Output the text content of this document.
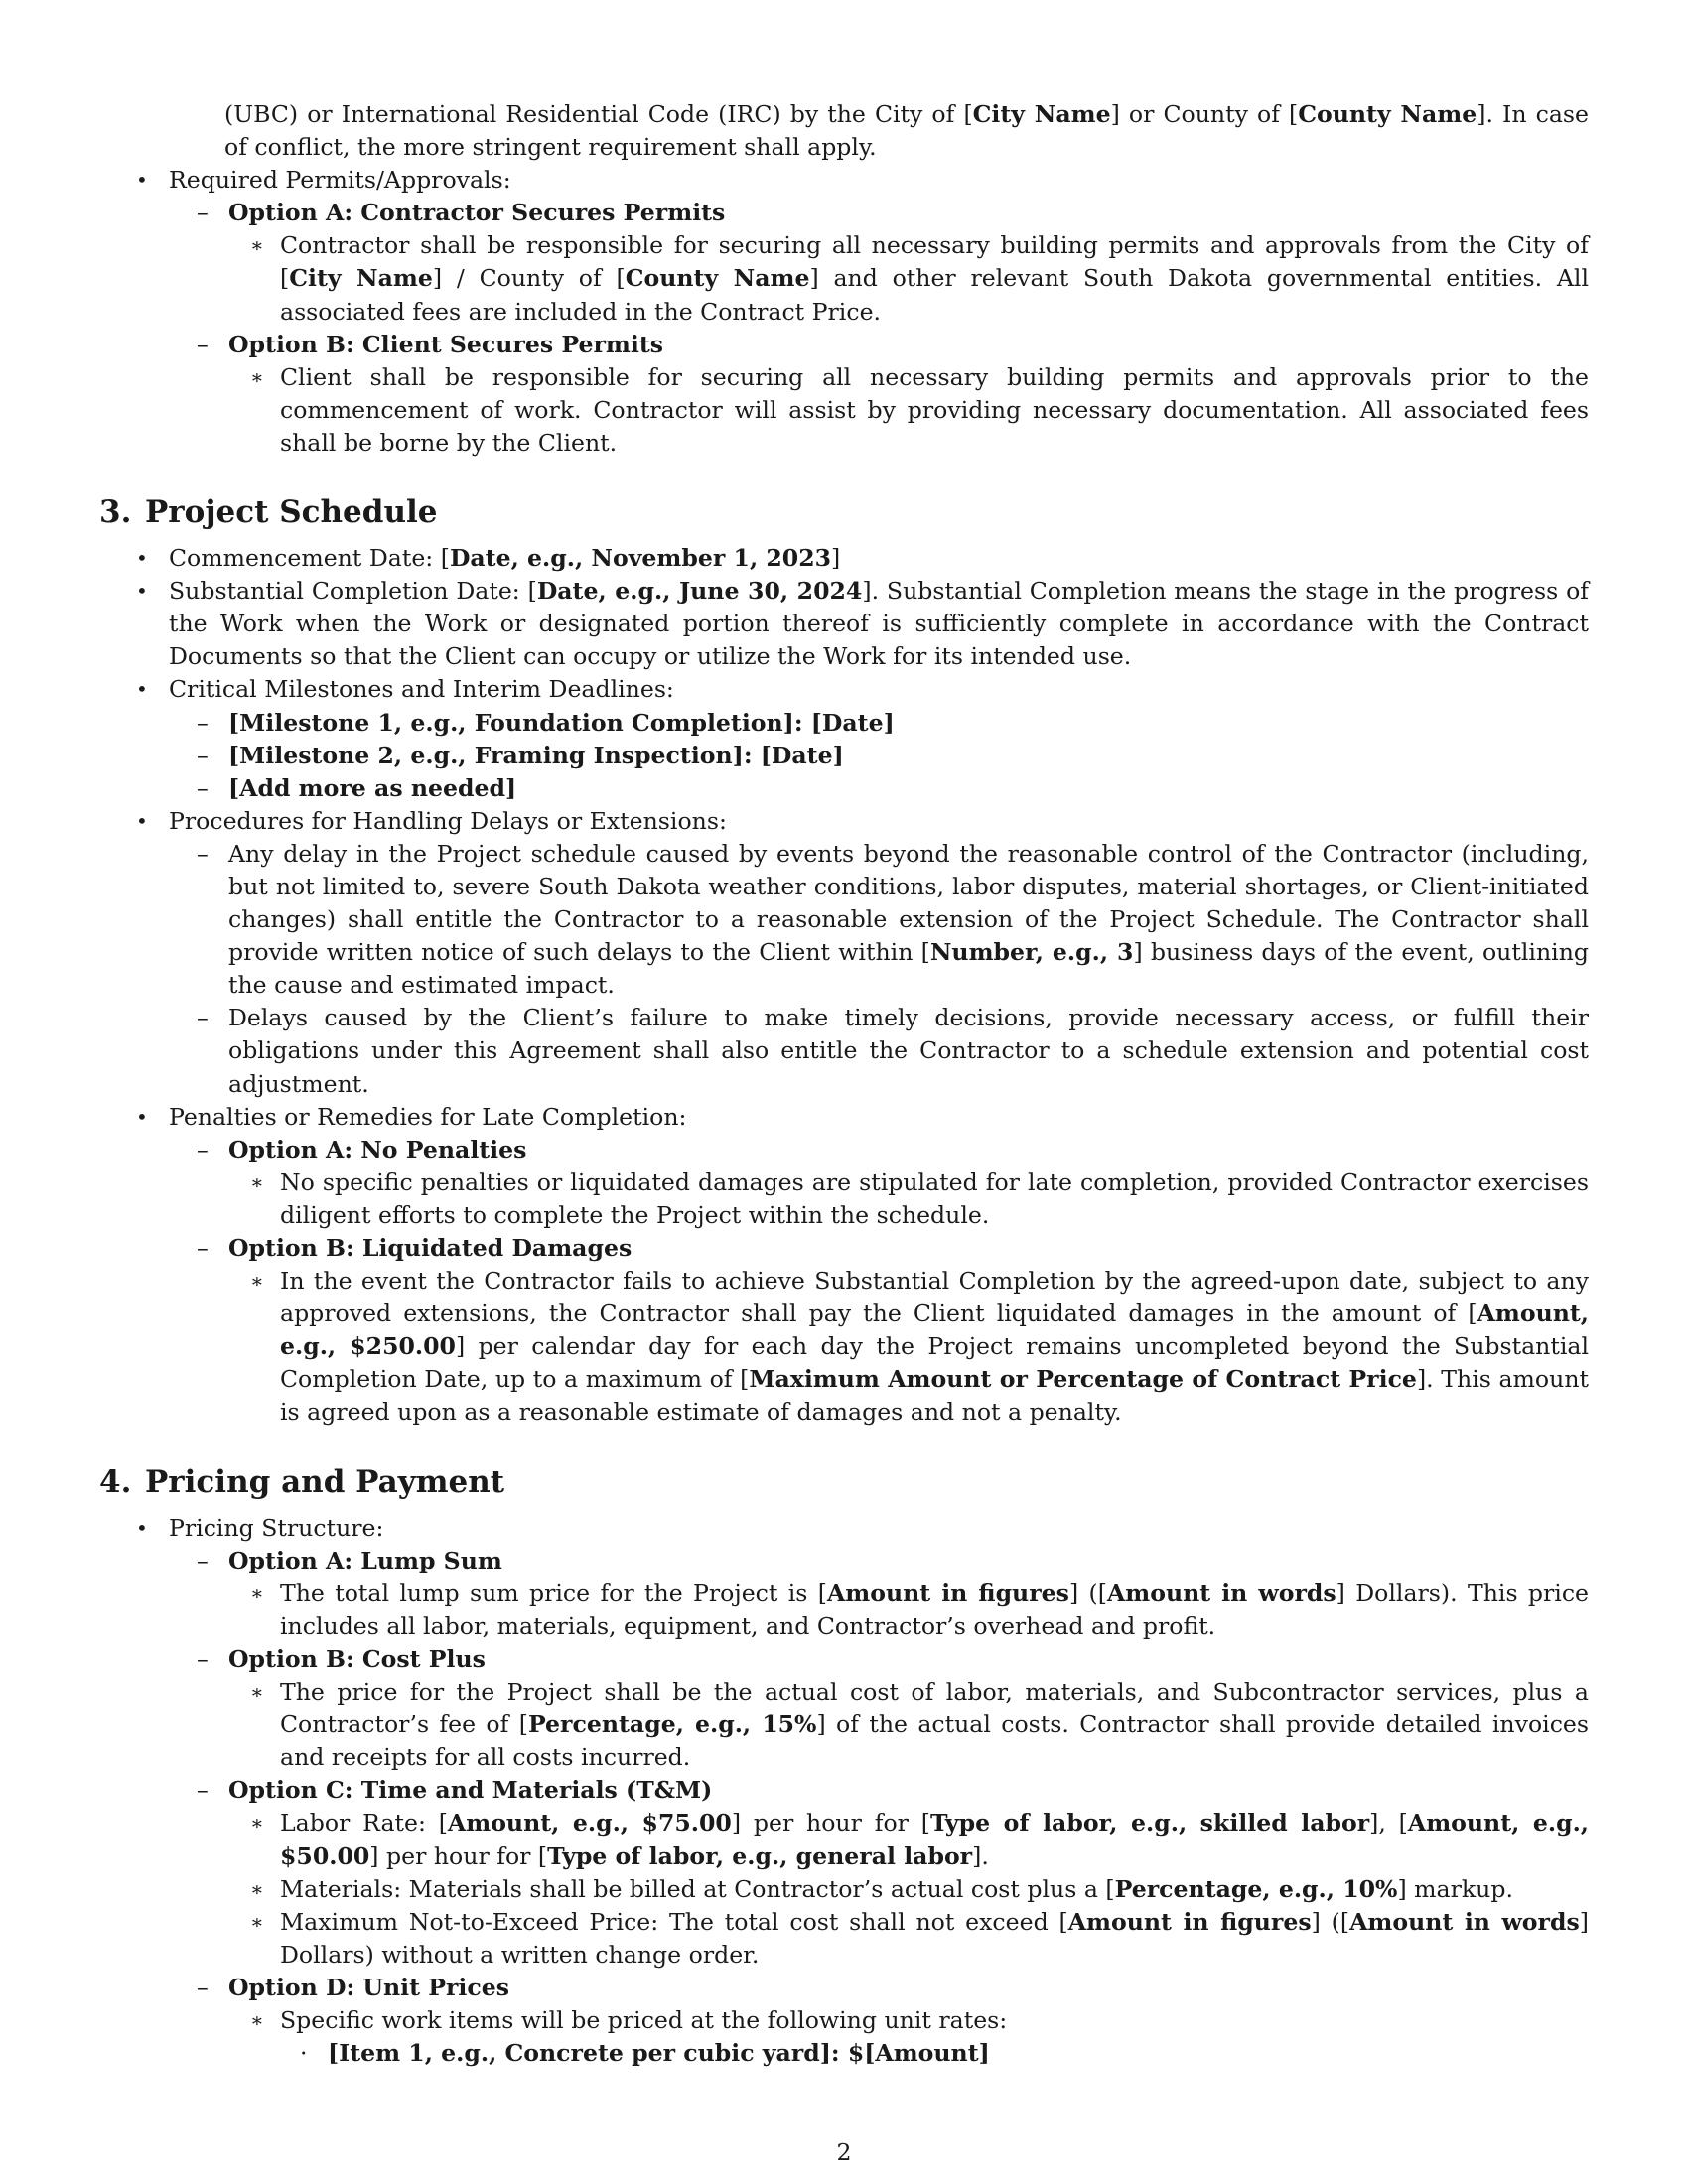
(UBC) or International Residential Code (IRC) by the City of [City Name] or County of [County Name]. In case of conflict, the more stringent requirement shall apply.
• Required Permits/Approvals:
– Option A: Contractor Secures Permits
∗ Contractor shall be responsible for securing all necessary building permits and approvals from the City of [City Name] / County of [County Name] and other relevant South Dakota governmental entities. All associated fees are included in the Contract Price.
– Option B: Client Secures Permits
∗ Client shall be responsible for securing all necessary building permits and approvals prior to the commencement of work. Contractor will assist by providing necessary documentation. All associated fees shall be borne by the Client.
3. Project Schedule
• Commencement Date: [Date, e.g., November 1, 2023]
• Substantial Completion Date: [Date, e.g., June 30, 2024]. Substantial Completion means the stage in the progress of the Work when the Work or designated portion thereof is sufficiently complete in accordance with the Contract Documents so that the Client can occupy or utilize the Work for its intended use.
• Critical Milestones and Interim Deadlines:
– [Milestone 1, e.g., Foundation Completion]: [Date]
– [Milestone 2, e.g., Framing Inspection]: [Date]
– [Add more as needed]
• Procedures for Handling Delays or Extensions:
– Any delay in the Project schedule caused by events beyond the reasonable control of the Contractor (including, but not limited to, severe South Dakota weather conditions, labor disputes, material shortages, or Client-initiated changes) shall entitle the Contractor to a reasonable extension of the Project Schedule. The Contractor shall provide written notice of such delays to the Client within [Number, e.g., 3] business days of the event, outlining the cause and estimated impact.
– Delays caused by the Client’s failure to make timely decisions, provide necessary access, or fulfill their obligations under this Agreement shall also entitle the Contractor to a schedule extension and potential cost adjustment.
• Penalties or Remedies for Late Completion:
– Option A: No Penalties
∗ No specific penalties or liquidated damages are stipulated for late completion, provided Contractor exercises diligent efforts to complete the Project within the schedule.
– Option B: Liquidated Damages
∗ In the event the Contractor fails to achieve Substantial Completion by the agreed-upon date, subject to any approved extensions, the Contractor shall pay the Client liquidated damages in the amount of [Amount, e.g., $250.00] per calendar day for each day the Project remains uncompleted beyond the Substantial Completion Date, up to a maximum of [Maximum Amount or Percentage of Contract Price]. This amount is agreed upon as a reasonable estimate of damages and not a penalty.
4. Pricing and Payment
• Pricing Structure:
– Option A: Lump Sum
∗ The total lump sum price for the Project is [Amount in figures] ([Amount in words] Dollars). This price includes all labor, materials, equipment, and Contractor’s overhead and profit.
– Option B: Cost Plus
∗ The price for the Project shall be the actual cost of labor, materials, and Subcontractor services, plus a Contractor’s fee of [Percentage, e.g., 15%] of the actual costs. Contractor shall provide detailed invoices and receipts for all costs incurred.
– Option C: Time and Materials (T&M)
∗ Labor Rate: [Amount, e.g., $75.00] per hour for [Type of labor, e.g., skilled labor], [Amount, e.g., $50.00] per hour for [Type of labor, e.g., general labor].
∗ Materials: Materials shall be billed at Contractor’s actual cost plus a [Percentage, e.g., 10%] markup.
∗ Maximum Not-to-Exceed Price: The total cost shall not exceed [Amount in figures] ([Amount in words] Dollars) without a written change order.
– Option D: Unit Prices
∗ Specific work items will be priced at the following unit rates:
· [Item 1, e.g., Concrete per cubic yard]: $[Amount]
2
